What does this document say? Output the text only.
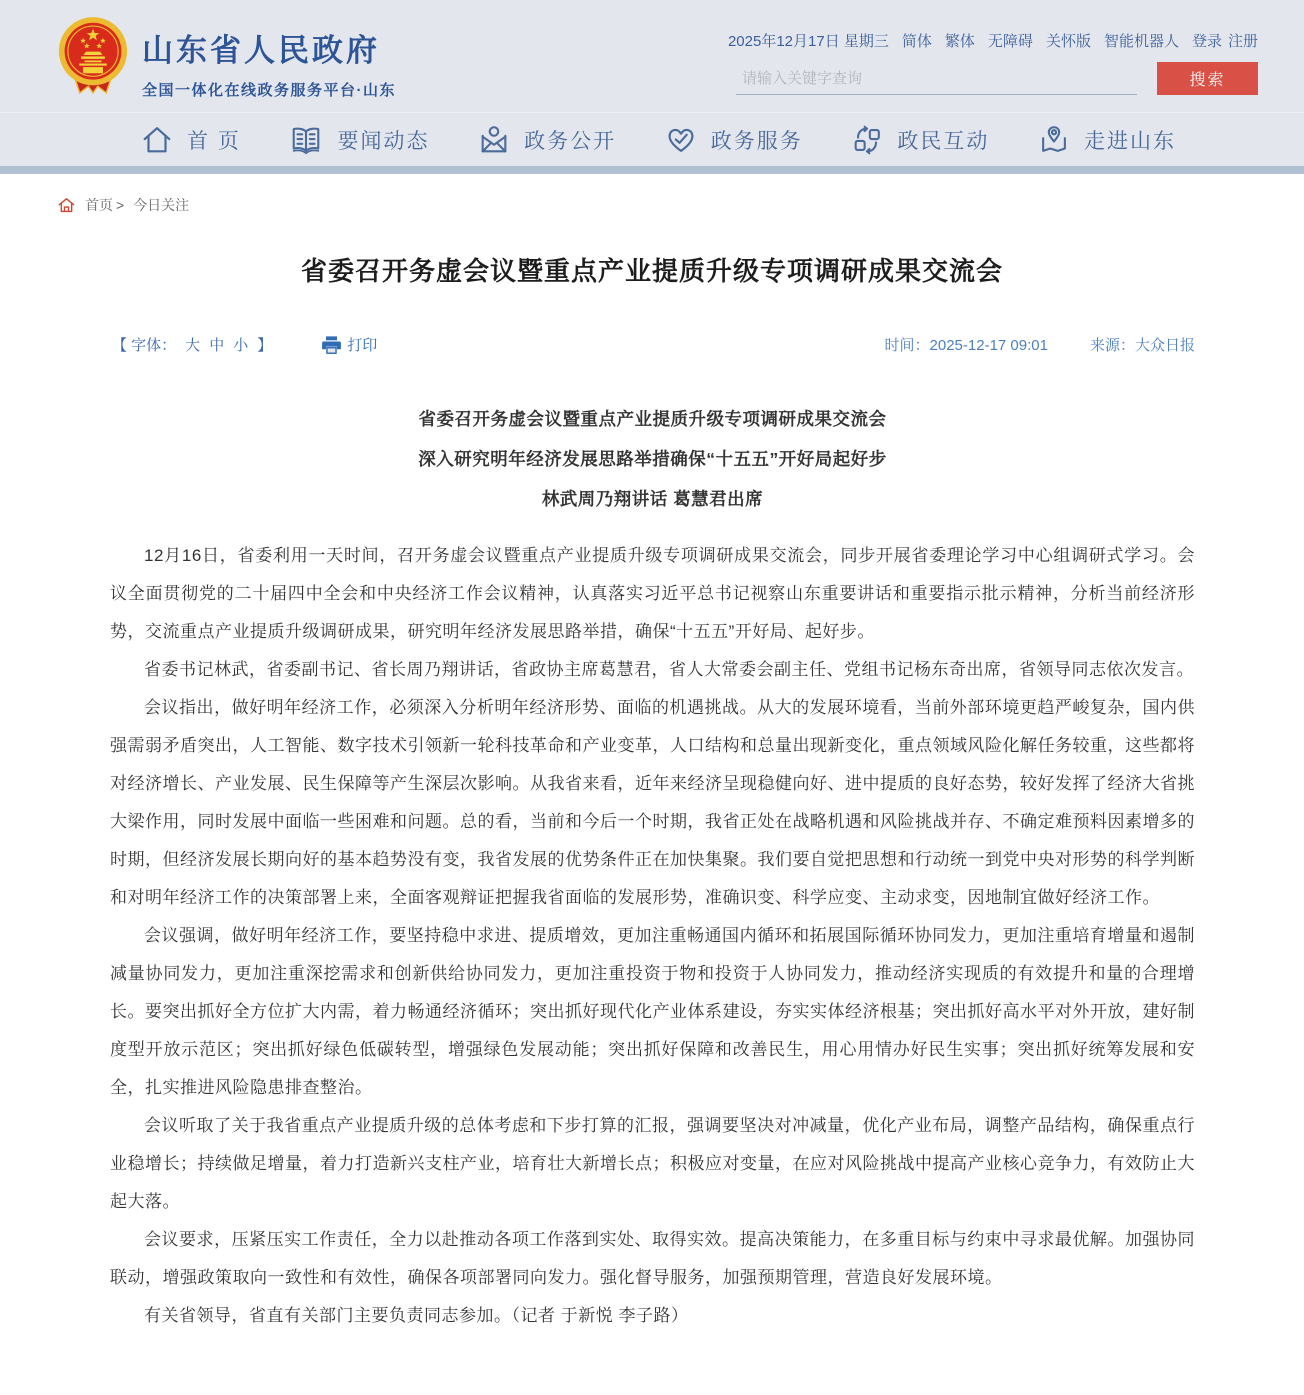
山东省人民政府
全国一体化在线政务服务平台·山东
2025年12月17日 星期三 简体 繁体 无障碍 关怀版 智能机器人 登录 注册
请输入关键字查询
搜索
首 页	要闻动态	政务公开	政务服务	政民互动	走进山东
首页 > 今日关注
省委召开务虚会议暨重点产业提质升级专项调研成果交流会
【 字体： 大 中 小 】	打印	时间：2025-12-17 09:01	来源：大众日报

省委召开务虚会议暨重点产业提质升级专项调研成果交流会

深入研究明年经济发展思路举措确保“十五五”开好局起好步

林武周乃翔讲话 葛慧君出席

12月16日，省委利用一天时间，召开务虚会议暨重点产业提质升级专项调研成果交流会，同步开展省委理论学习中心组调研式学习。会议全面贯彻党的二十届四中全会和中央经济工作会议精神，认真落实习近平总书记视察山东重要讲话和重要指示批示精神，分析当前经济形势，交流重点产业提质升级调研成果，研究明年经济发展思路举措，确保“十五五”开好局、起好步。

省委书记林武，省委副书记、省长周乃翔讲话，省政协主席葛慧君，省人大常委会副主任、党组书记杨东奇出席，省领导同志依次发言。

会议指出，做好明年经济工作，必须深入分析明年经济形势、面临的机遇挑战。从大的发展环境看，当前外部环境更趋严峻复杂，国内供强需弱矛盾突出，人工智能、数字技术引领新一轮科技革命和产业变革，人口结构和总量出现新变化，重点领域风险化解任务较重，这些都将对经济增长、产业发展、民生保障等产生深层次影响。从我省来看，近年来经济呈现稳健向好、进中提质的良好态势，较好发挥了经济大省挑大梁作用，同时发展中面临一些困难和问题。总的看，当前和今后一个时期，我省正处在战略机遇和风险挑战并存、不确定难预料因素增多的时期，但经济发展长期向好的基本趋势没有变，我省发展的优势条件正在加快集聚。我们要自觉把思想和行动统一到党中央对形势的科学判断和对明年经济工作的决策部署上来，全面客观辩证把握我省面临的发展形势，准确识变、科学应变、主动求变，因地制宜做好经济工作。

会议强调，做好明年经济工作，要坚持稳中求进、提质增效，更加注重畅通国内循环和拓展国际循环协同发力，更加注重培育增量和遏制减量协同发力，更加注重深挖需求和创新供给协同发力，更加注重投资于物和投资于人协同发力，推动经济实现质的有效提升和量的合理增长。要突出抓好全方位扩大内需，着力畅通经济循环；突出抓好现代化产业体系建设，夯实实体经济根基；突出抓好高水平对外开放，建好制度型开放示范区；突出抓好绿色低碳转型，增强绿色发展动能；突出抓好保障和改善民生，用心用情办好民生实事；突出抓好统筹发展和安全，扎实推进风险隐患排查整治。

会议听取了关于我省重点产业提质升级的总体考虑和下步打算的汇报，强调要坚决对冲减量，优化产业布局，调整产品结构，确保重点行业稳增长；持续做足增量，着力打造新兴支柱产业，培育壮大新增长点；积极应对变量，在应对风险挑战中提高产业核心竞争力，有效防止大起大落。

会议要求，压紧压实工作责任，全力以赴推动各项工作落到实处、取得实效。提高决策能力，在多重目标与约束中寻求最优解。加强协同联动，增强政策取向一致性和有效性，确保各项部署同向发力。强化督导服务，加强预期管理，营造良好发展环境。

有关省领导，省直有关部门主要负责同志参加。（记者 于新悦 李子路）
